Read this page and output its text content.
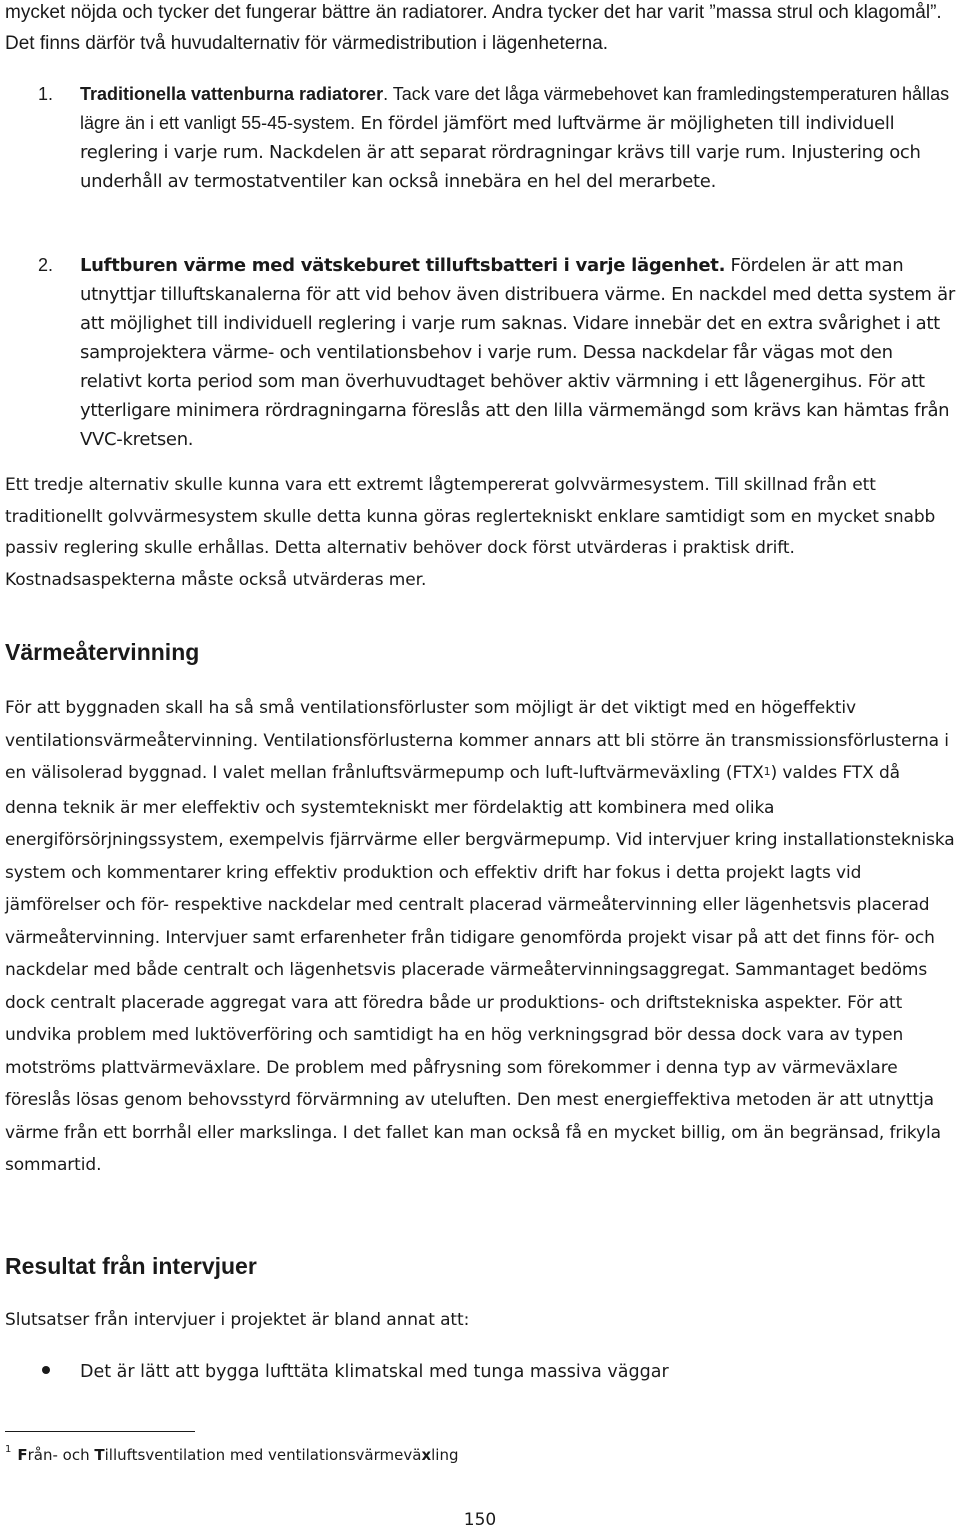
mycket nöjda och tycker det fungerar bättre än radiatorer. Andra tycker det har varit ”massa strul och klagomål”. Det finns därför två huvudalternativ för värmedistribution i lägenheterna.

1. Traditionella vattenburna radiatorer. Tack vare det låga värmebehovet kan framledingstemperaturen hållas lägre än i ett vanligt 55-45-system. En fördel jämfört med luftvärme är möjligheten till individuell reglering i varje rum. Nackdelen är att separat rördragningar krävs till varje rum. Injustering och underhåll av termostatventiler kan också innebära en hel del merarbete.

2. Luftburen värme med vätskeburet tilluftsbatteri i varje lägenhet. Fördelen är att man utnyttjar tilluftskanalerna för att vid behov även distribuera värme. En nackdel med detta system är att möjlighet till individuell reglering i varje rum saknas. Vidare innebär det en extra svårighet i att samprojektera värme- och ventilationsbehov i varje rum. Dessa nackdelar får vägas mot den relativt korta period som man överhuvudtaget behöver aktiv värmning i ett lågenergihus. För att ytterligare minimera rördragningarna föreslås att den lilla värmemängd som krävs kan hämtas från VVC-kretsen.

Ett tredje alternativ skulle kunna vara ett extremt lågtempererat golvvärmesystem. Till skillnad från ett traditionellt golvvärmesystem skulle detta kunna göras reglertekniskt enklare samtidigt som en mycket snabb passiv reglering skulle erhållas. Detta alternativ behöver dock först utvärderas i praktisk drift. Kostnadsaspekterna måste också utvärderas mer.

Värmeåtervinning

För att byggnaden skall ha så små ventilationsförluster som möjligt är det viktigt med en högeffektiv ventilationsvärmeåtervinning. Ventilationsförlusterna kommer annars att bli större än transmissionsförlusterna i en välisolerad byggnad. I valet mellan frånluftsvärmepump och luft-luftvärmeväxling (FTX$^1$) valdes FTX då denna teknik är mer eleffektiv och systemtekniskt mer fördelaktig att kombinera med olika energiförsörjningssystem, exempelvis fjärrvärme eller bergvärmepump. Vid intervjuer kring installationstekniska system och kommentarer kring effektiv produktion och effektiv drift har fokus i detta projekt lagts vid jämförelser och för- respektive nackdelar med centralt placerad värmeåtervinning eller lägenhetsvis placerad värmeåtervinning. Intervjuer samt erfarenheter från tidigare genomförda projekt visar på att det finns för- och nackdelar med både centralt och lägenhetsvis placerade värmeåtervinningsaggregat. Sammantaget bedöms dock centralt placerade aggregat vara att föredra både ur produktions- och driftstekniska aspekter. För att undvika problem med luktöverföring och samtidigt ha en hög verkningsgrad bör dessa dock vara av typen motströms plattvärmeväxlare. De problem med påfrysning som förekommer i denna typ av värmeväxlare föreslås lösas genom behovsstyrd förvärmning av uteluften. Den mest energieffektiva metoden är att utnyttja värme från ett borrhål eller markslinga. I det fallet kan man också få en mycket billig, om än begränsad, frikyla sommartid.

Resultat från intervjuer

Slutsatser från intervjuer i projektet är bland annat att:

Det är lätt att bygga lufttäta klimatskal med tunga massiva väggar

$^1$ Från- och Tilluftsventilation med ventilationsvärmeväxling

150
